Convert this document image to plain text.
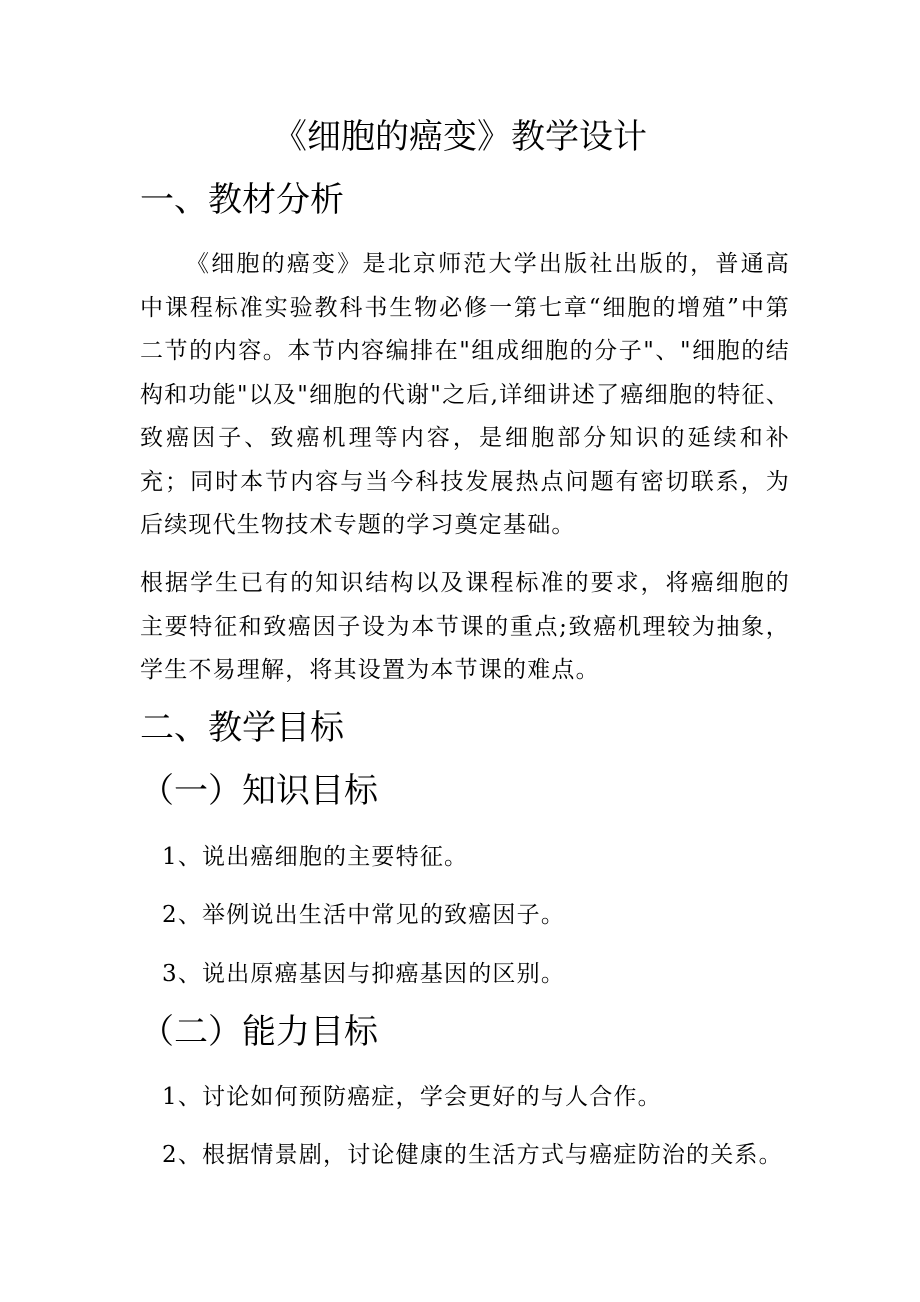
《细胞的癌变》教学设计
一、教材分析
《细胞的癌变》是北京师范大学出版社出版的，普通高中课程标准实验教科书生物必修一第七章“细胞的增殖”中第二节的内容。本节内容编排在"组成细胞的分子"、"细胞的结构和功能"以及"细胞的代谢"之后,详细讲述了癌细胞的特征、致癌因子、致癌机理等内容，是细胞部分知识的延续和补充；同时本节内容与当今科技发展热点问题有密切联系，为后续现代生物技术专题的学习奠定基础。
根据学生已有的知识结构以及课程标准的要求，将癌细胞的主要特征和致癌因子设为本节课的重点;致癌机理较为抽象，学生不易理解，将其设置为本节课的难点。
二、教学目标
（一）知识目标
1、说出癌细胞的主要特征。
2、举例说出生活中常见的致癌因子。
3、说出原癌基因与抑癌基因的区别。
（二）能力目标
1、讨论如何预防癌症，学会更好的与人合作。
2、根据情景剧，讨论健康的生活方式与癌症防治的关系。
